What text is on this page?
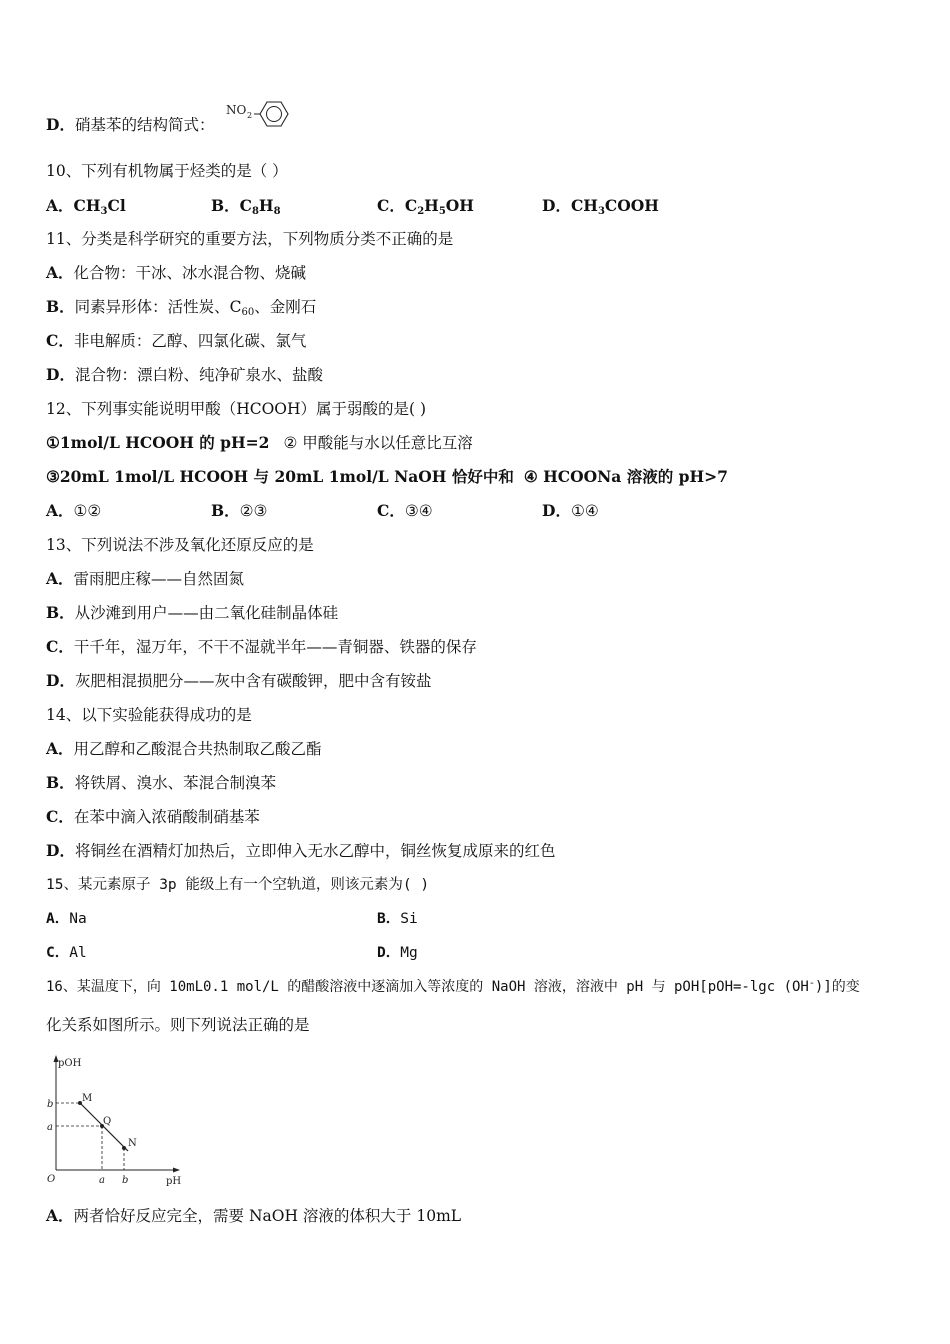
D．硝基苯的结构简式：
NO 2
10、下列有机物属于烃类的是（ ）
A．$CH_3Cl$	B．$C_8H_8$	C．$C_2H_5OH$	D．$CH_3COOH$
11、分类是科学研究的重要方法，下列物质分类不正确的是
A．化合物：干冰、冰水混合物、烧碱
B．同素异形体：活性炭、$C_{60}$、金刚石
C．非电解质：乙醇、四氯化碳、氯气
D．混合物：漂白粉、纯净矿泉水、盐酸
12、下列事实能说明甲酸（HCOOH）属于弱酸的是( )
①1mol/L HCOOH 的 pH=2 ② 甲酸能与水以任意比互溶
③20mL 1mol/L HCOOH 与 20mL 1mol/L NaOH 恰好中和 ④ HCOONa 溶液的 pH>7
A．①②	B．②③	C．③④	D．①④
13、下列说法不涉及氧化还原反应的是
A．雷雨肥庄稼——自然固氮
B．从沙滩到用户——由二氧化硅制晶体硅
C．干千年，湿万年，不干不湿就半年——青铜器、铁器的保存
D．灰肥相混损肥分——灰中含有碳酸钾，肥中含有铵盐
14、以下实验能获得成功的是
A．用乙醇和乙酸混合共热制取乙酸乙酯
B．将铁屑、溴水、苯混合制溴苯
C．在苯中滴入浓硝酸制硝基苯
D．将铜丝在酒精灯加热后，立即伸入无水乙醇中，铜丝恢复成原来的红色
15、某元素原子 3p 能级上有一个空轨道，则该元素为( )
A．Na	B．Si
C．Al	D．Mg
16、某温度下，向 10mL0.1 mol/L 的醋酸溶液中逐滴加入等浓度的 NaOH 溶液，溶液中 pH 与 pOH[pOH=-lgc (OH-)]的变
化关系如图所示。则下列说法正确的是
pOH
pH
O
b
a
a b
M
Q
N
A．两者恰好反应完全，需要 NaOH 溶液的体积大于 10mL
